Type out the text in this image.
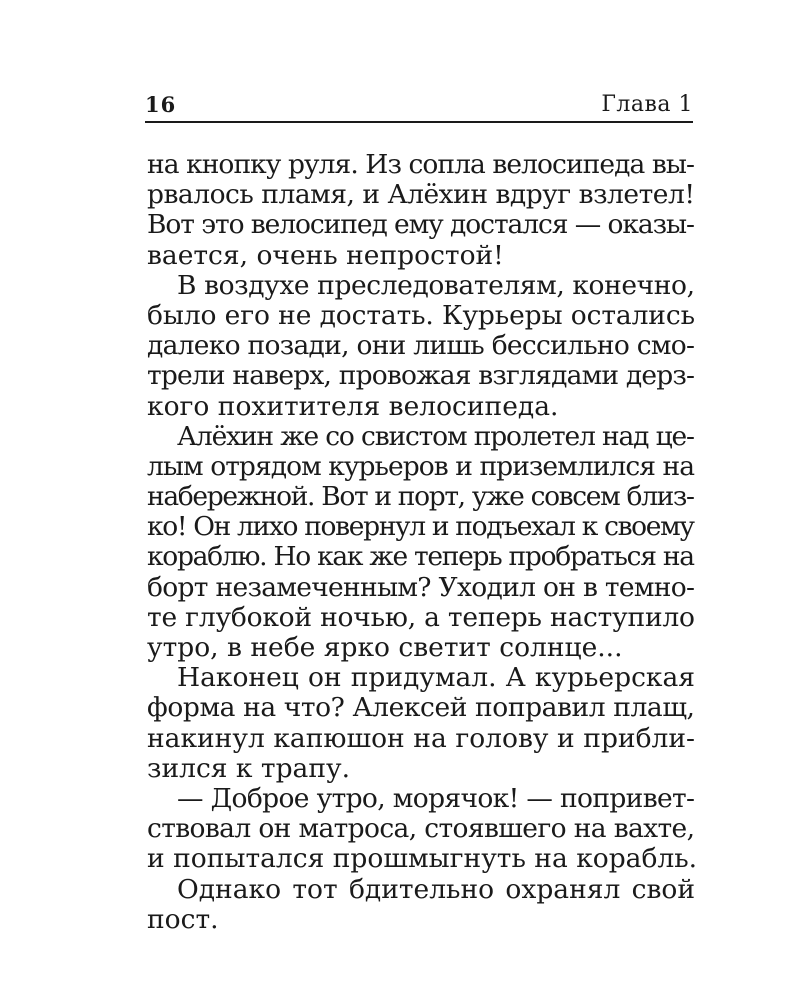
16	Глава 1
на кнопку руля. Из сопла велосипеда вы-
рвалось пламя, и Алёхин вдруг взлетел!
Вот это велосипед ему достался — оказы-
вается, очень непростой!
В воздухе преследователям, конечно,
было его не достать. Курьеры остались
далеко позади, они лишь бессильно смо-
трели наверх, провожая взглядами дерз-
кого похитителя велосипеда.
Алёхин же со свистом пролетел над це-
лым отрядом курьеров и приземлился на
набережной. Вот и порт, уже совсем близ-
ко! Он лихо повернул и подъехал к своему
кораблю. Но как же теперь пробраться на
борт незамеченным? Уходил он в темно-
те глубокой ночью, а теперь наступило
утро, в небе ярко светит солнце...
Наконец он придумал. А курьерская
форма на что? Алексей поправил плащ,
накинул капюшон на голову и прибли-
зился к трапу.
— Доброе утро, морячок! — попривет-
ствовал он матроса, стоявшего на вахте,
и попытался прошмыгнуть на корабль.
Однако тот бдительно охранял свой
пост.
